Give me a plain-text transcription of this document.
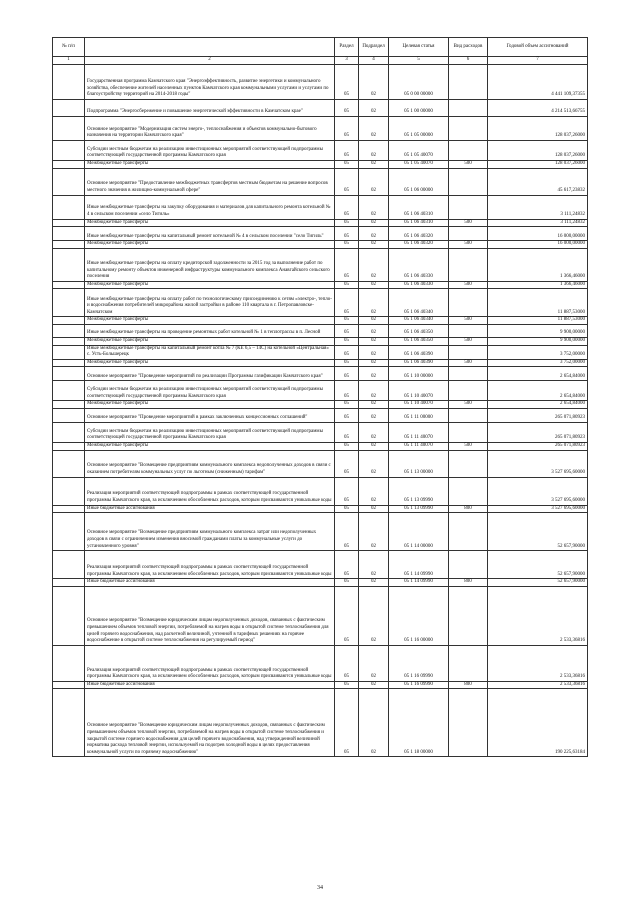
№ п/п		Раздел	Подраздел	Целевая статья	Вид расходов	Годовой объем ассигнований
1	2	3	4	5	6	7
	Государственная программа Камчатского края "Энергоэффективность, развитие энергетики и коммунального хозяйства, обеспечение жителей населенных пунктов Камчатского края коммунальными услугами и услугами по благоустройству территорий на 2014-2018 годы"	05	02	05 0 00 00000		4 441 109,37355
	Подпрограмма "Энергосбережение и повышение энергетической эффективности в Камчатском крае"	05	02	05 1 00 00000		4 214 513,66755
	Основное мероприятие "Модернизация систем энерго-, теплоснабжения и объектов коммунально-бытового назначения на территории Камчатского края"	05	02	05 1 05 00000		128 037,26000
	Субсидии местным бюджетам на реализацию инвестиционных мероприятий соответствующей подпрограммы соответствующей государственной программы Камчатского края	05	02	05 1 05 40070		128 037,26000
	Межбюджетные трансферты	05	02	05 1 05 40070	500	128 037,26000
	Основное мероприятие "Предоставление межбюджетных трансфертов местным бюджетам на решение вопросов местного значения в жилищно-коммунальной сфере"	05	02	05 1 06 00000		45 617,23832
	Иные межбюджетные трансферты на закупку оборудования и материалов для капитального ремонта котельной № 4 в сельском поселении «село Тигиль»	05	02	05 1 06 40310		3 111,24832
	Межбюджетные трансферты	05	02	05 1 06 40310	500	3 111,24832
	Иные межбюджетные трансферты на капитальный ремонт котельной № 4 в сельском поселении "село Тигиль"	05	02	05 1 06 40320		16 000,00000
	Межбюджетные трансферты	05	02	05 1 06 40320	500	16 000,00000
	Иные межбюджетные трансферты на оплату кредиторской задолженности за 2015 год за выполнение работ по капитальному ремонту объектов инженерной инфраструктуры коммунального комплекса Анавгайского сельского поселения	05	02	05 1 06 40330		1 366,46000
	Межбюджетные трансферты	05	02	05 1 06 40330	500	1 366,46000
	Иные межбюджетные трансферты на оплату работ по технологическому присоединению к сетям «электро-, тепло- и водоснабжения потребителей микрорайона жилой застройки в районе 110 квартала в г. Петропавловске-Камчатском	05	02	05 1 06 40340		11 887,53000
	Межбюджетные трансферты	05	02	05 1 06 40340	500	11 887,53000
	Иные межбюджетные трансферты на проведение ремонтных работ котельной № 1 в теплотрассы в п. Лесной	05	02	05 1 06 40350		9 900,00000
	Межбюджетные трансферты	05	02	05 1 06 40350	500	9 900,00000
	Иные межбюджетные трансферты на капитальный ремонт котла № 7 (КЕ 6,5 – 14С) на котельной «Центральная» с. Усть-Большерецк	05	02	05 1 06 40390		3 752,00000
	Межбюджетные трансферты	05	02	05 1 06 40390	500	3 752,00000
	Основное мероприятие "Проведение мероприятий по реализации Программы газификации Камчатского края"	05	02	05 1 10 00000		2 654,84000
	Субсидии местным бюджетам на реализацию инвестиционных мероприятий соответствующей подпрограммы соответствующей государственной программы Камчатского края	05	02	05 1 10 40070		2 654,84000
	Межбюджетные трансферты	05	02	05 1 10 40070	500	2 654,84000
	Основное мероприятие "Проведение мероприятий в рамках заключенных концессионных соглашений"	05	02	05 1 11 00000		265 071,80923
	Субсидии местным бюджетам на реализацию инвестиционных мероприятий соответствующей подпрограммы соответствующей государственной программы Камчатского края	05	02	05 1 11 40070		265 071,80923
	Межбюджетные трансферты	05	02	05 1 11 40070	500	265 071,80923
	Основное мероприятие "Возмещение предприятиям коммунального комплекса недополученных доходов в связи с оказанием потребителям коммунальных услуг по льготным (сниженным) тарифам"	05	02	05 1 13 00000		3 527 695,60000
	Реализация мероприятий соответствующей подпрограммы в рамках соответствующей государственной программы Камчатского края, за исключением обособленных расходов, которым присваиваются уникальные коды	05	02	05 1 13 09990		3 527 695,60000
	Иные бюджетные ассигнования	05	02	05 1 13 09990	800	3 527 695,60000
	Основное мероприятие "Возмещение предприятиям коммунального комплекса затрат или недополученных доходов в связи с ограничением изменения вносимой гражданами платы за коммунальные услуги до установленного уровня"	05	02	05 1 14 00000		52 657,90000
	Реализация мероприятий соответствующей подпрограммы в рамках соответствующей государственной программы Камчатского края, за исключением обособленных расходов, которым присваиваются уникальные коды	05	02	05 1 14 09990		52 657,90000
	Иные бюджетные ассигнования	05	02	05 1 14 09990	800	52 657,90000
	Основное мероприятие "Возмещение юридическим лицам недополученных доходов, связанных с фактическим превышением объемов тепловой энергии, потребляемой на нагрев воды в открытой системе теплоснабжения для целей горячего водоснабжения, над расчетной величиной, учтенной в тарифных решениях на горячее водоснабжение в открытой системе теплоснабжения на регулируемый период"	05	02	05 1 16 00000		2 533,36816
	Реализация мероприятий соответствующей подпрограммы в рамках соответствующей государственной программы Камчатского края, за исключением обособленных расходов, которым присваиваются уникальные коды	05	02	05 1 16 09990		2 533,36816
	Иные бюджетные ассигнования	05	02	05 1 16 09990	800	2 533,36816
	Основное мероприятие "Возмещение юридическим лицам недополученных доходов, связанных с фактическим превышением объемов тепловой энергии, потребляемой на нагрев воды в открытой системе теплоснабжения и закрытой системе горячего водоснабжения для целей горячего водоснабжения, над утвержденной величиной норматива расхода тепловой энергии, используемой на подогрев холодной воды в целях предоставления коммунальной услуги по горячему водоснабжению"	05	02	05 1 18 00000		190 225,63184
34
